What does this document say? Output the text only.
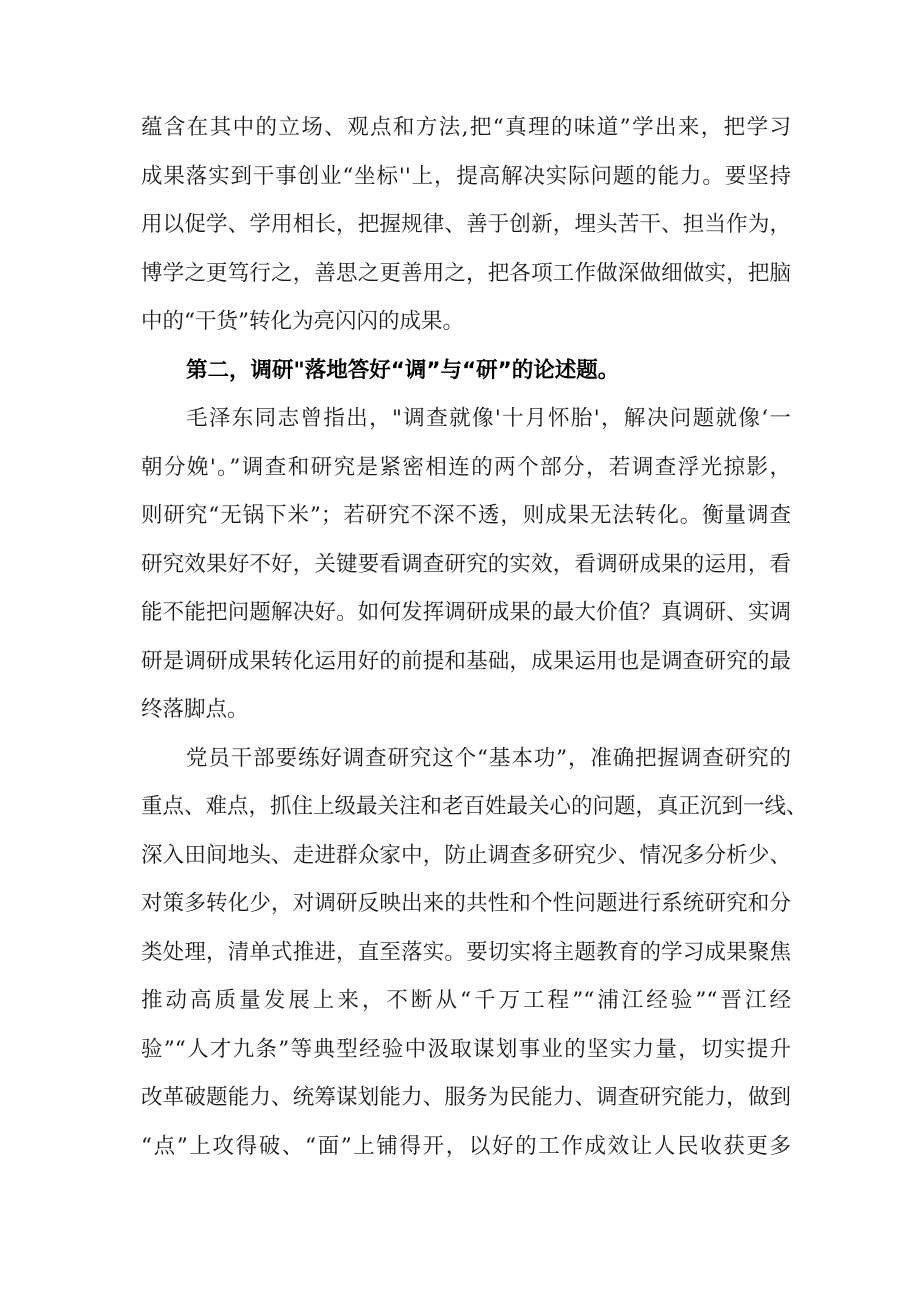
蕴含在其中的立场、观点和方法,把“真理的味道”学出来，把学习
成果落实到干事创业“坐标''上，提高解决实际问题的能力。要坚持
用以促学、学用相长，把握规律、善于创新，埋头苦干、担当作为，
博学之更笃行之，善思之更善用之，把各项工作做深做细做实，把脑
中的“干货”转化为亮闪闪的成果。
第二，调研"落地答好“调”与“研”的论述题。
毛泽东同志曾指出，"调查就像'十月怀胎'，解决问题就像‘一
朝分娩'。”调查和研究是紧密相连的两个部分，若调查浮光掠影，
则研究“无锅下米”；若研究不深不透，则成果无法转化。衡量调查
研究效果好不好，关键要看调查研究的实效，看调研成果的运用，看
能不能把问题解决好。如何发挥调研成果的最大价值？真调研、实调
研是调研成果转化运用好的前提和基础，成果运用也是调查研究的最
终落脚点。
党员干部要练好调查研究这个“基本功”，准确把握调查研究的
重点、难点，抓住上级最关注和老百姓最关心的问题，真正沉到一线、
深入田间地头、走进群众家中，防止调查多研究少、情况多分析少、
对策多转化少，对调研反映出来的共性和个性问题进行系统研究和分
类处理，清单式推进，直至落实。要切实将主题教育的学习成果聚焦
推动高质量发展上来，不断从“千万工程”“浦江经验”“晋江经
验”“人才九条”等典型经验中汲取谋划事业的坚实力量，切实提升
改革破题能力、统筹谋划能力、服务为民能力、调查研究能力，做到
“点”上攻得破、“面”上铺得开，以好的工作成效让人民收获更多
